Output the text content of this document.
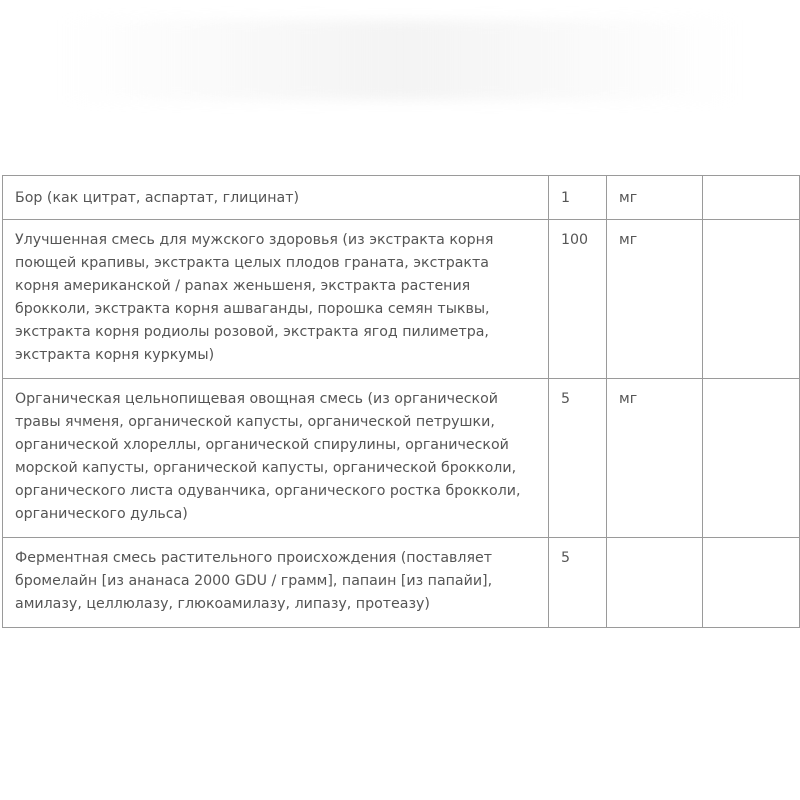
Бор (как цитрат, аспартат, глицинат)	1	мг	
Улучшенная смесь для мужского здоровья (из экстракта корня поющей крапивы, экстракта целых плодов граната, экстракта корня американской / panax женьшеня, экстракта растения брокколи, экстракта корня ашваганды, порошка семян тыквы, экстракта корня родиолы розовой, экстракта ягод пилиметра, экстракта корня куркумы)	100	мг	
Органическая цельнопищевая овощная смесь (из органической травы ячменя, органической капусты, органической петрушки, органической хлореллы, органической спирулины, органической морской капусты, органической капусты, органической брокколи, органического листа одуванчика, органического ростка брокколи, органического дульса)	5	мг	
Ферментная смесь растительного происхождения (поставляет бромелайн [из ананаса 2000 GDU / грамм], папаин [из папайи], амилазу, целлюлазу, глюкоамилазу, липазу, протеазу)	5		
